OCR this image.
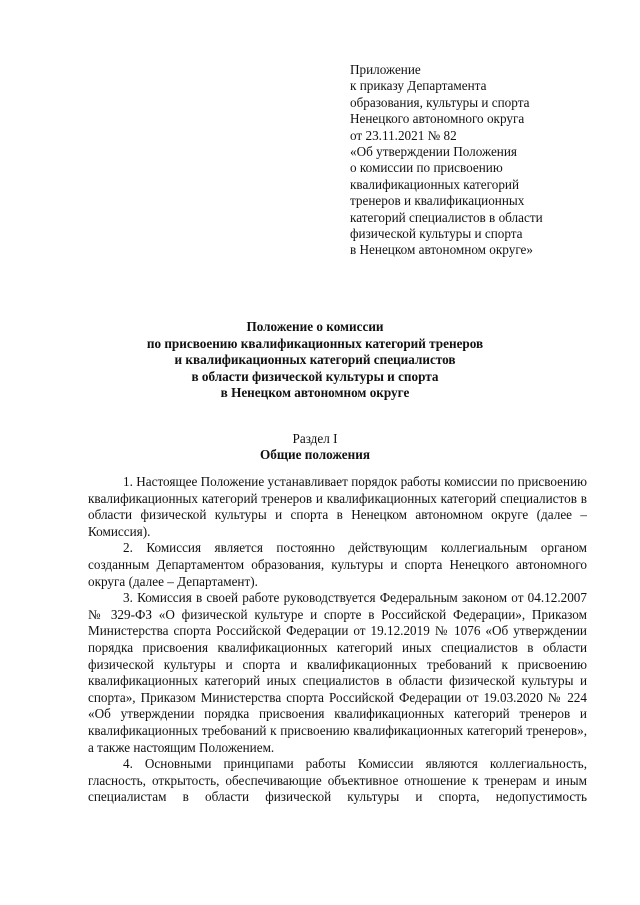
Приложение
к приказу Департамента
образования, культуры и спорта
Ненецкого автономного округа
от 23.11.2021 № 82
«Об утверждении Положения
о комиссии по присвоению
квалификационных категорий
тренеров и квалификационных
категорий специалистов в области
физической культуры и спорта
в Ненецком автономном округе»
Положение о комиссии
по присвоению квалификационных категорий тренеров
и квалификационных категорий специалистов
в области физической культуры и спорта
в Ненецком автономном округе
Раздел I
Общие положения

1. Настоящее Положение устанавливает порядок работы комиссии по присвоению квалификационных категорий тренеров и квалификационных категорий специалистов в области физической культуры и спорта в Ненецком автономном округе (далее – Комиссия).

2. Комиссия является постоянно действующим коллегиальным органом созданным Департаментом образования, культуры и спорта Ненецкого автономного округа (далее – Департамент).

3. Комиссия в своей работе руководствуется Федеральным законом от 04.12.2007 № 329-ФЗ «О физической культуре и спорте в Российской Федерации», Приказом Министерства спорта Российской Федерации от 19.12.2019 № 1076 «Об утверждении порядка присвоения квалификационных категорий иных специалистов в области физической культуры и спорта и квалификационных требований к присвоению квалификационных категорий иных специалистов в области физической культуры и спорта», Приказом Министерства спорта Российской Федерации от 19.03.2020 № 224 «Об утверждении порядка присвоения квалификационных категорий тренеров и квалификационных требований к присвоению квалификационных категорий тренеров», а также настоящим Положением.

4. Основными принципами работы Комиссии являются коллегиальность, гласность, открытость, обеспечивающие объективное отношение к тренерам и иным специалистам в области физической культуры и спорта, недопустимость
